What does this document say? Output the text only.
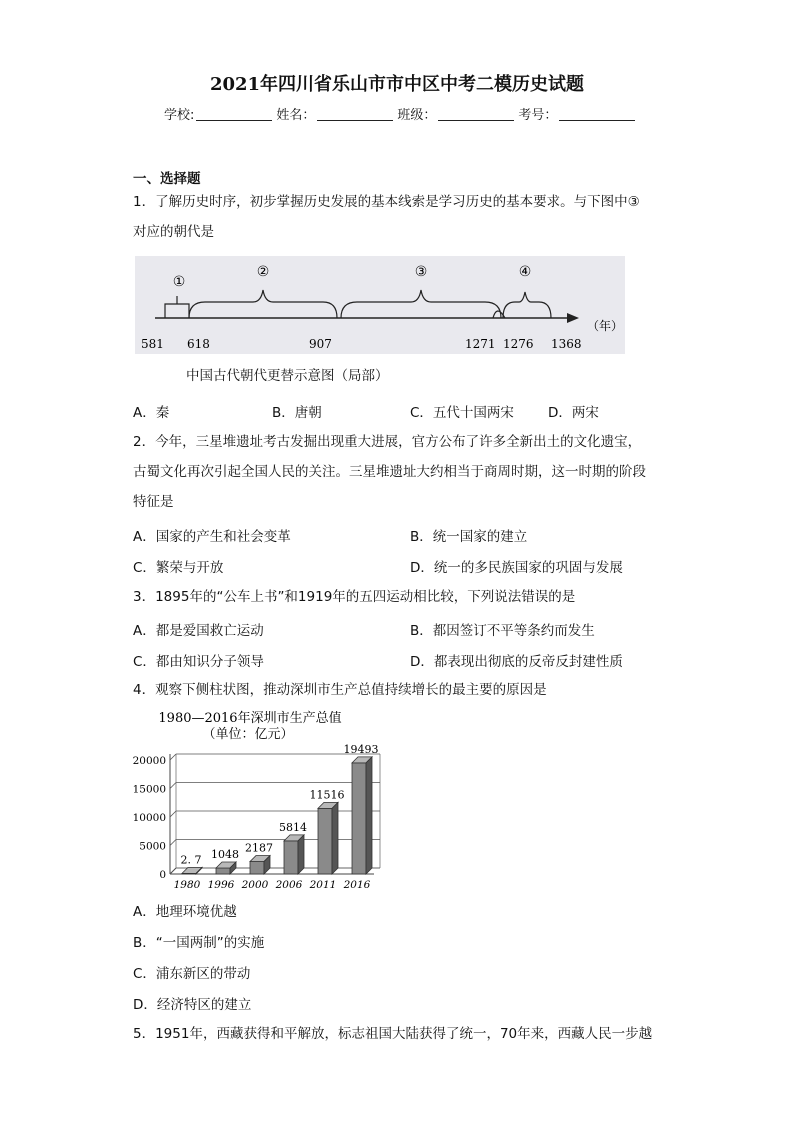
2021年四川省乐山市市中区中考二模历史试题
学校:	姓名：	班级：	考号：
一、选择题
1．了解历史时序，初步掌握历史发展的基本线索是学习历史的基本要求。与下图中③
对应的朝代是
①
②	③	④
581 618	907	1271 1276 1368
（年）
中国古代朝代更替示意图（局部）
A．秦	B．唐朝	C．五代十国两宋	D．两宋
2．今年，三星堆遗址考古发掘出现重大进展，官方公布了许多全新出土的文化遗宝，
古蜀文化再次引起全国人民的关注。三星堆遗址大约相当于商周时期，这一时期的阶段
特征是
A．国家的产生和社会变革	B．统一国家的建立
C．繁荣与开放	D．统一的多民族国家的巩固与发展
3．1895年的“公车上书”和1919年的五四运动相比较，下列说法错误的是
A．都是爱国救亡运动	B．都因签订不平等条约而发生
C．都由知识分子领导	D．都表现出彻底的反帝反封建性质
4．观察下侧柱状图，推动深圳市生产总值持续增长的最主要的原因是
1980—2016年深圳市生产总值
（单位：亿元）
0
5000
10000
15000
20000
2. 7
1980
1048
1996
2187
2000
5814
2006
11516
2011
19493
2016
A．地理环境优越
B．“一国两制”的实施
C．浦东新区的带动
D．经济特区的建立
5．1951年，西藏获得和平解放，标志祖国大陆获得了统一，70年来，西藏人民一步越
